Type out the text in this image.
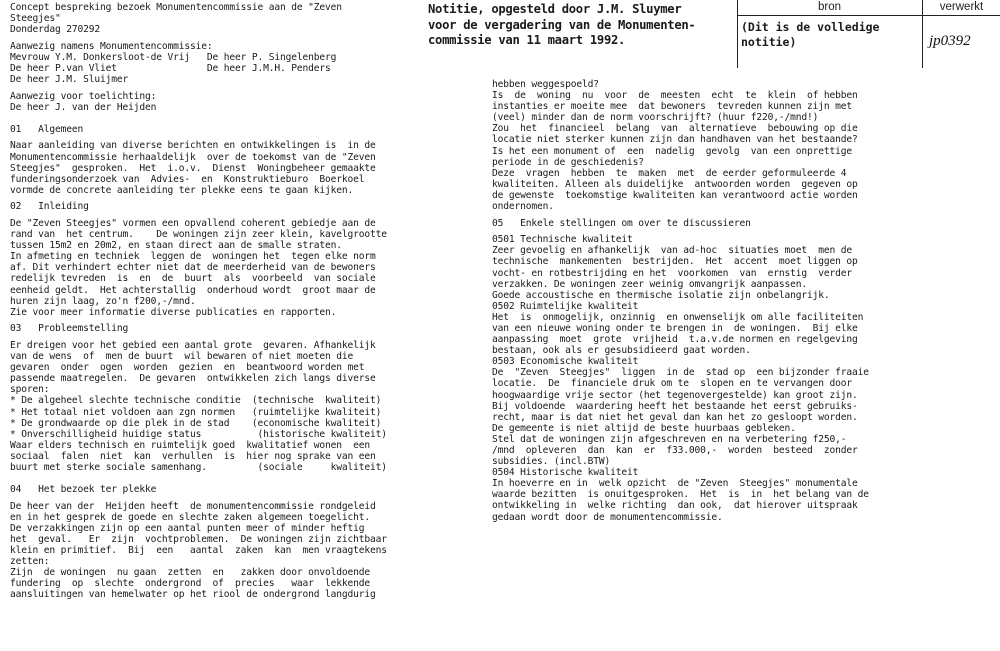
Concept bespreking bezoek Monumentencommissie aan de "Zeven
Steegjes"
Donderdag 270292
Aanwezig namens Monumentencommissie:
Mevrouw Y.M. Donkersloot-de Vrij   De heer P. Singelenberg
De heer P.van Vliet                De heer J.M.H. Penders
De heer J.M. Sluijmer
Aanwezig voor toelichting:
De heer J. van der Heijden
01   Algemeen
Naar aanleiding van diverse berichten en ontwikkelingen is  in de
Monumentencommissie herhaaldelijk  over de toekomst van de "Zeven
Steegjes"  gesproken.  Het  i.o.v.  Dienst  Woningbeheer gemaakte
funderingsonderzoek van  Advies-  en  Konstruktieburo  Boerkoel
vormde de concrete aanleiding ter plekke eens te gaan kijken.
02   Inleiding
De "Zeven Steegjes" vormen een opvallend coherent gebiedje aan de
rand van  het centrum.    De woningen zijn zeer klein, kavelgrootte
tussen 15m2 en 20m2, en staan direct aan de smalle straten.
In afmeting en techniek  leggen de  woningen het  tegen elke norm
af. Dit verhindert echter niet dat de meerderheid van de bewoners
redelijk tevreden  is  en  de  buurt  als  voorbeeld  van sociale
eenheid geldt.  Het achterstallig  onderhoud wordt  groot maar de
huren zijn laag, zo'n f200,-/mnd.
Zie voor meer informatie diverse publicaties en rapporten.
03   Probleemstelling
Er dreigen voor het gebied een aantal grote  gevaren. Afhankelijk
van de wens  of  men de buurt  wil bewaren of niet moeten die
gevaren  onder  ogen  worden  gezien  en  beantwoord worden met
passende maatregelen.  De gevaren  ontwikkelen zich langs diverse
sporen:
* De algeheel slechte technische conditie  (technische  kwaliteit)
* Het totaal niet voldoen aan zgn normen   (ruimtelijke kwaliteit)
* De grondwaarde op die plek in de stad    (economische kwaliteit)
* Onverschilligheid huidige status          (historische kwaliteit)
Waar elders technisch en ruimtelijk goed  kwalitatief wonen  een
sociaal  falen  niet  kan  verhullen  is  hier nog sprake van een
buurt met sterke sociale samenhang.         (sociale     kwaliteit)
04   Het bezoek ter plekke
De heer van der  Heijden heeft  de monumentencommissie rondgeleid
en in het gesprek de goede en slechte zaken algemeen toegelicht.
De verzakkingen zijn op een aantal punten meer of minder heftig
het  geval.   Er  zijn  vochtproblemen.  De woningen zijn zichtbaar
klein en primitief.  Bij  een   aantal  zaken  kan  men vraagtekens
zetten:
Zijn  de woningen  nu gaan  zetten  en   zakken door onvoldoende
fundering  op  slechte  ondergrond  of  precies   waar  lekkende
aansluitingen van hemelwater op het riool de ondergrond langdurig
hebben weggespoeld?
Is  de  woning  nu  voor  de  meesten  echt  te  klein  of hebben
instanties er moeite mee  dat bewoners  tevreden kunnen zijn met
(veel) minder dan de norm voorschrijft? (huur f220,-/mnd!)
Zou  het  financieel  belang  van  alternatieve  bebouwing op die
locatie niet sterker kunnen zijn dan handhaven van het bestaande?
Is het een monument of  een  nadelig  gevolg  van een onprettige
periode in de geschiedenis?
Deze  vragen  hebben  te  maken  met  de eerder geformuleerde 4
kwaliteiten. Alleen als duidelijke  antwoorden worden  gegeven op
de gewenste  toekomstige kwaliteiten kan verantwoord actie worden
ondernomen.
05   Enkele stellingen om over te discussieren
0501 Technische kwaliteit
Zeer gevoelig en afhankelijk  van ad-hoc  situaties moet  men de
technische  mankementen  bestrijden.  Het  accent  moet liggen op
vocht- en rotbestrijding en het  voorkomen  van  ernstig  verder
verzakken. De woningen zeer weinig omvangrijk aanpassen.
Goede accoustische en thermische isolatie zijn onbelangrijk.
0502 Ruimtelijke kwaliteit
Het  is  onmogelijk, onzinnig  en onwenselijk om alle faciliteiten
van een nieuwe woning onder te brengen in  de woningen.  Bij elke
aanpassing  moet  grote  vrijheid  t.a.v.de normen en regelgeving
bestaan, ook als er gesubsidieerd gaat worden.
0503 Economische kwaliteit
De  "Zeven  Steegjes"  liggen  in de  stad op  een bijzonder fraaie
locatie.  De  financiele druk om te  slopen en te vervangen door
hoogwaardige vrije sector (het tegenovergestelde) kan groot zijn.
Bij voldoende  waardering heeft het bestaande het eerst gebruiks-
recht, maar is dat niet het geval dan kan het zo gesloopt worden.
De gemeente is niet altijd de beste huurbaas gebleken.
Stel dat de woningen zijn afgeschreven en na verbetering f250,-
/mnd  opleveren  dan  kan  er  f33.000,-  worden  besteed  zonder
subsidies. (incl.BTW)
0504 Historische kwaliteit
In hoeverre en in  welk opzicht  de "Zeven  Steegjes" monumentale
waarde bezitten  is onuitgesproken.  Het  is  in  het belang van de
ontwikkeling in  welke richting  dan ook,  dat hierover uitspraak
gedaan wordt door de monumentencommissie.
Notitie, opgesteld door J.M. Sluymer
voor de vergadering van de Monumenten-
commissie van 11 maart 1992.
bron	verwerkt
(Dit is de volledige
notitie)	jp0392
